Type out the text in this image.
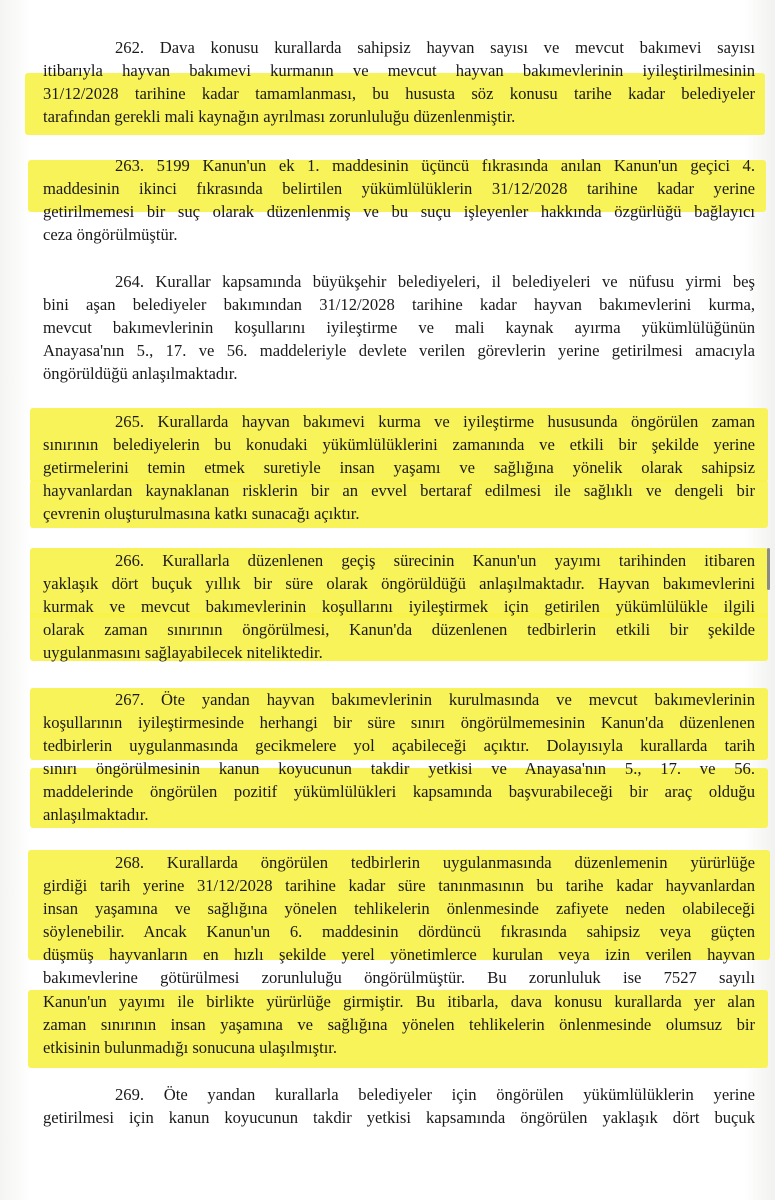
262. Dava konusu kurallarda sahipsiz hayvan sayısı ve mevcut bakımevi sayısı
itibarıyla hayvan bakımevi kurmanın ve mevcut hayvan bakımevlerinin iyileştirilmesinin
31/12/2028 tarihine kadar tamamlanması, bu hususta söz konusu tarihe kadar belediyeler
tarafından gerekli mali kaynağın ayrılması zorunluluğu düzenlenmiştir.
263. 5199 Kanun'un ek 1. maddesinin üçüncü fıkrasında anılan Kanun'un geçici 4.
maddesinin ikinci fıkrasında belirtilen yükümlülüklerin 31/12/2028 tarihine kadar yerine
getirilmemesi bir suç olarak düzenlenmiş ve bu suçu işleyenler hakkında özgürlüğü bağlayıcı
ceza öngörülmüştür.
264. Kurallar kapsamında büyükşehir belediyeleri, il belediyeleri ve nüfusu yirmi beş
bini aşan belediyeler bakımından 31/12/2028 tarihine kadar hayvan bakımevlerini kurma,
mevcut bakımevlerinin koşullarını iyileştirme ve mali kaynak ayırma yükümlülüğünün
Anayasa'nın 5., 17. ve 56. maddeleriyle devlete verilen görevlerin yerine getirilmesi amacıyla
öngörüldüğü anlaşılmaktadır.
265. Kurallarda hayvan bakımevi kurma ve iyileştirme hususunda öngörülen zaman
sınırının belediyelerin bu konudaki yükümlülüklerini zamanında ve etkili bir şekilde yerine
getirmelerini temin etmek suretiyle insan yaşamı ve sağlığına yönelik olarak sahipsiz
hayvanlardan kaynaklanan risklerin bir an evvel bertaraf edilmesi ile sağlıklı ve dengeli bir
çevrenin oluşturulmasına katkı sunacağı açıktır.
266. Kurallarla düzenlenen geçiş sürecinin Kanun'un yayımı tarihinden itibaren
yaklaşık dört buçuk yıllık bir süre olarak öngörüldüğü anlaşılmaktadır. Hayvan bakımevlerini
kurmak ve mevcut bakımevlerinin koşullarını iyileştirmek için getirilen yükümlülükle ilgili
olarak zaman sınırının öngörülmesi, Kanun'da düzenlenen tedbirlerin etkili bir şekilde
uygulanmasını sağlayabilecek niteliktedir.
267. Öte yandan hayvan bakımevlerinin kurulmasında ve mevcut bakımevlerinin
koşullarının iyileştirmesinde herhangi bir süre sınırı öngörülmemesinin Kanun'da düzenlenen
tedbirlerin uygulanmasında gecikmelere yol açabileceği açıktır. Dolayısıyla kurallarda tarih
sınırı öngörülmesinin kanun koyucunun takdir yetkisi ve Anayasa'nın 5., 17. ve 56.
maddelerinde öngörülen pozitif yükümlülükleri kapsamında başvurabileceği bir araç olduğu
anlaşılmaktadır.
268. Kurallarda öngörülen tedbirlerin uygulanmasında düzenlemenin yürürlüğe
girdiği tarih yerine 31/12/2028 tarihine kadar süre tanınmasının bu tarihe kadar hayvanlardan
insan yaşamına ve sağlığına yönelen tehlikelerin önlenmesinde zafiyete neden olabileceği
söylenebilir. Ancak Kanun'un 6. maddesinin dördüncü fıkrasında sahipsiz veya güçten
düşmüş hayvanların en hızlı şekilde yerel yönetimlerce kurulan veya izin verilen hayvan
bakımevlerine götürülmesi zorunluluğu öngörülmüştür. Bu zorunluluk ise 7527 sayılı
Kanun'un yayımı ile birlikte yürürlüğe girmiştir. Bu itibarla, dava konusu kurallarda yer alan
zaman sınırının insan yaşamına ve sağlığına yönelen tehlikelerin önlenmesinde olumsuz bir
etkisinin bulunmadığı sonucuna ulaşılmıştır.
269. Öte yandan kurallarla belediyeler için öngörülen yükümlülüklerin yerine
getirilmesi için kanun koyucunun takdir yetkisi kapsamında öngörülen yaklaşık dört buçuk
